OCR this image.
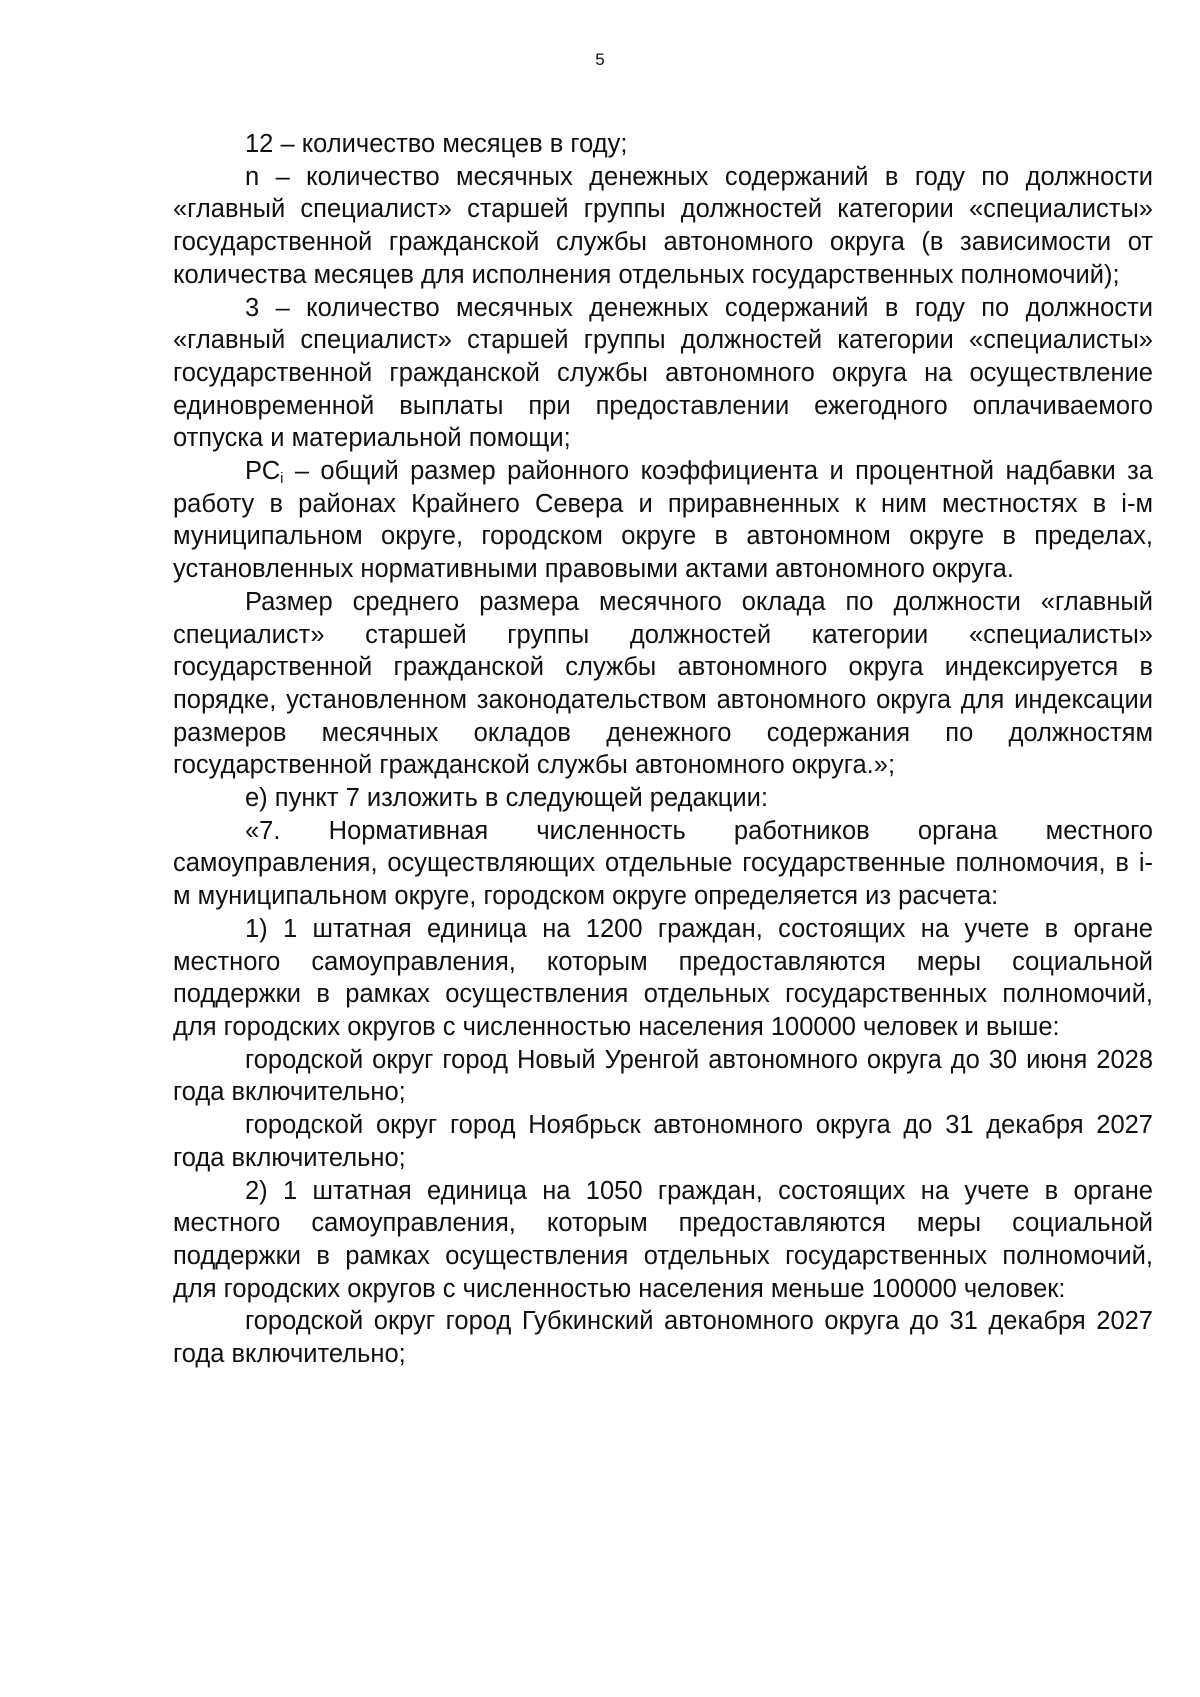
5

12 – количество месяцев в году;

n – количество месячных денежных содержаний в году по должности «главный специалист» старшей группы должностей категории «специалисты» государственной гражданской службы автономного округа (в зависимости от количества месяцев для исполнения отдельных государственных полномочий);

3 – количество месячных денежных содержаний в году по должности «главный специалист» старшей группы должностей категории «специалисты» государственной гражданской службы автономного округа на осуществление единовременной выплаты при предоставлении ежегодного оплачиваемого отпуска и материальной помощи;

$РС_i$ – общий размер районного коэффициента и процентной надбавки за работу в районах Крайнего Севера и приравненных к ним местностях в i-м муниципальном округе, городском округе в автономном округе в пределах, установленных нормативными правовыми актами автономного округа.

Размер среднего размера месячного оклада по должности «главный специалист» старшей группы должностей категории «специалисты» государственной гражданской службы автономного округа индексируется в порядке, установленном законодательством автономного округа для индексации размеров месячных окладов денежного содержания по должностям государственной гражданской службы автономного округа.»;

е) пункт 7 изложить в следующей редакции:

«7. Нормативная численность работников органа местного самоуправления, осуществляющих отдельные государственные полномочия, в i-м муниципальном округе, городском округе определяется из расчета:

1) 1 штатная единица на 1200 граждан, состоящих на учете в органе местного самоуправления, которым предоставляются меры социальной поддержки в рамках осуществления отдельных государственных полномочий, для городских округов с численностью населения 100000 человек и выше:

городской округ город Новый Уренгой автономного округа до 30 июня 2028 года включительно;

городской округ город Ноябрьск автономного округа до 31 декабря 2027 года включительно;

2) 1 штатная единица на 1050 граждан, состоящих на учете в органе местного самоуправления, которым предоставляются меры социальной поддержки в рамках осуществления отдельных государственных полномочий, для городских округов с численностью населения меньше 100000 человек:

городской округ город Губкинский автономного округа до 31 декабря 2027 года включительно;
